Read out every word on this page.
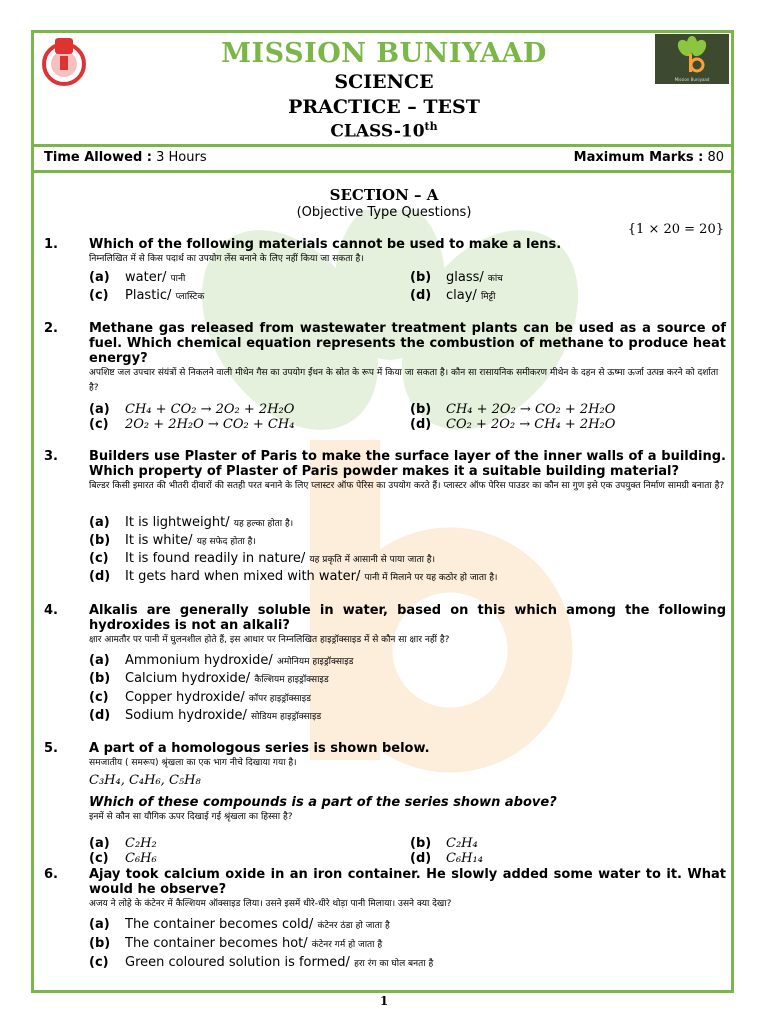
Mission Buniyaad
MISSION BUNIYAAD
SCIENCE
PRACTICE – TEST
CLASS-10th
Time Allowed : 3 Hours	Maximum Marks : 80
SECTION – A
(Objective Type Questions)
{1 × 20 = 20}
1. Which of the following materials cannot be used to make a lens.
निम्नलिखित में से किस पदार्थ का उपयोग लेंस बनाने के लिए नहीं किया जा सकता है।
(a) water/ पानी	(b) glass/ कांच
(c) Plastic/ प्लास्टिक	(d) clay/ मिट्टी
2. Methane gas released from wastewater treatment plants can be used as a source of fuel. Which chemical equation represents the combustion of methane to produce heat energy?
अपशिष्ट जल उपचार संयंत्रों से निकलने वाली मीथेन गैस का उपयोग ईंधन के स्रोत के रूप में किया जा सकता है। कौन सा रासायनिक समीकरण मीथेन के दहन से ऊष्मा ऊर्जा उत्पन्न करने को दर्शाता है?
(a) CH₄ + CO₂ → 2O₂ + 2H₂O	(b) CH₄ + 2O₂ → CO₂ + 2H₂O
(c) 2O₂ + 2H₂O → CO₂ + CH₄	(d) CO₂ + 2O₂ → CH₄ + 2H₂O
3. Builders use Plaster of Paris to make the surface layer of the inner walls of a building. Which property of Plaster of Paris powder makes it a suitable building material?
बिल्डर किसी इमारत की भीतरी दीवारों की सतही परत बनाने के लिए प्लास्टर ऑफ पेरिस का उपयोग करते हैं। प्लास्टर ऑफ पेरिस पाउडर का कौन सा गुण इसे एक उपयुक्त निर्माण सामग्री बनाता है?
(a) It is lightweight/ यह हल्का होता है।
(b) It is white/ यह सफेद होता है।
(c) It is found readily in nature/ यह प्रकृति में आसानी से पाया जाता है।
(d) It gets hard when mixed with water/ पानी में मिलाने पर यह कठोर हो जाता है।
4. Alkalis are generally soluble in water, based on this which among the following hydroxides is not an alkali?
क्षार आमतौर पर पानी में घुलनशील होते हैं, इस आधार पर निम्नलिखित हाइड्रॉक्साइड में से कौन सा क्षार नहीं है?
(a) Ammonium hydroxide/ अमोनियम हाइड्रॉक्साइड
(b) Calcium hydroxide/ कैल्शियम हाइड्रॉक्साइड
(c) Copper hydroxide/ कॉपर हाइड्रॉक्साइड
(d) Sodium hydroxide/ सोडियम हाइड्रॉक्साइड
5. A part of a homologous series is shown below.
समजातीय ( समरूप) श्रृंखला का एक भाग नीचे दिखाया गया है।
C₃H₄, C₄H₆, C₅H₈
Which of these compounds is a part of the series shown above?
इनमें से कौन सा यौगिक ऊपर दिखाई गई श्रृंखला का हिस्सा है?
(a) C₂H₂	(b) C₂H₄
(c) C₆H₆	(d) C₆H₁₄
6. Ajay took calcium oxide in an iron container. He slowly added some water to it. What would he observe?
अजय ने लोहे के कंटेनर में कैल्शियम ऑक्साइड लिया। उसने इसमें धीरे-धीरे थोड़ा पानी मिलाया। उसने क्या देखा?
(a) The container becomes cold/ कंटेनर ठंडा हो जाता है
(b) The container becomes hot/ कंटेनर गर्म हो जाता है
(c) Green coloured solution is formed/ हरा रंग का घोल बनता है
1
